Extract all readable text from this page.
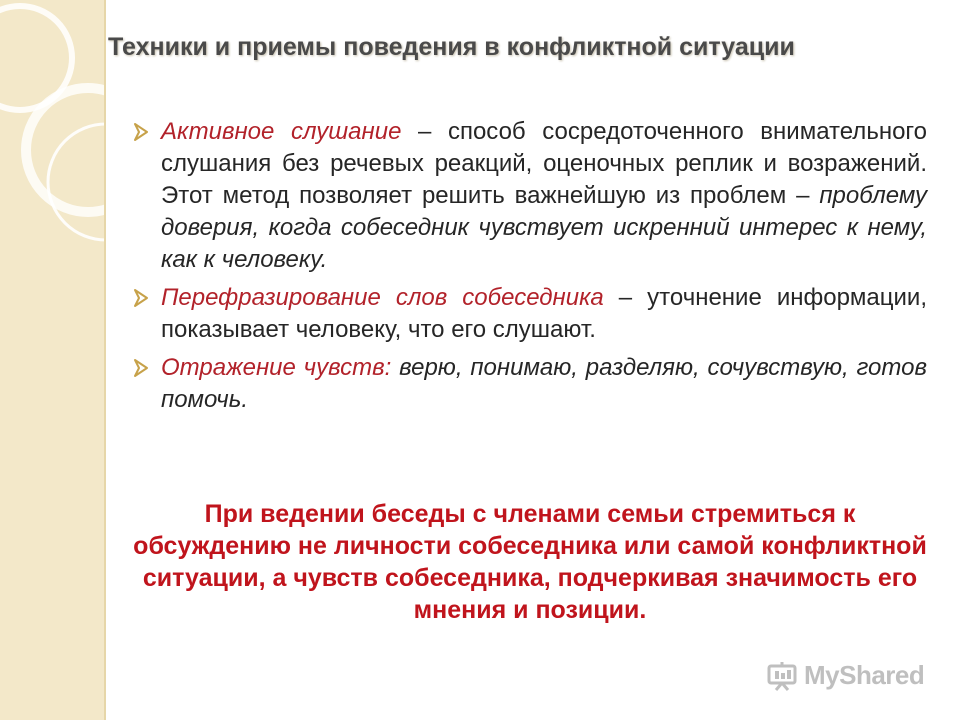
Техники и приемы поведения в конфликтной ситуации
Активное слушание – способ сосредоточенного внимательного слушания без речевых реакций, оценочных реплик и возражений. Этот метод позволяет решить важнейшую из проблем – проблему доверия, когда собеседник чувствует искренний интерес к нему, как к человеку.
Перефразирование слов собеседника – уточнение информации, показывает человеку, что его слушают.
Отражение чувств: верю, понимаю, разделяю, сочувствую, готов помочь.
При ведении беседы с членами семьи стремиться к обсуждению не личности собеседника или самой конфликтной ситуации, а чувств собеседника, подчеркивая значимость его мнения и позиции.
MyShared
